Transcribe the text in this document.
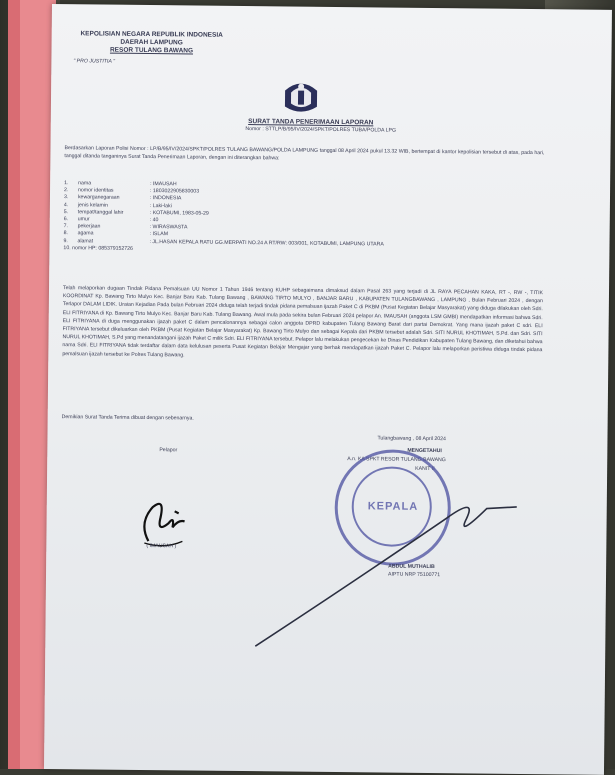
KEPOLISIAN NEGARA REPUBLIK INDONESIA
DAERAH LAMPUNG
RESOR TULANG BAWANG
" PRO JUSTITIA "
SURAT TANDA PENERIMAAN LAPORAN
Nomor : STTLP/B/95/IV/2024/SPKT/POLRES TUBA/POLDA LPG
Berdasarkan Laporan Polisi Nomor : LP/B/95/IV/2024/SPKT/POLRES TULANG BAWANG/POLDA LAMPUNG tanggal 08 April 2024 pukul 13.32 WIB, bertempat di kantor kepolisian tersebut di atas, pada hari, tanggal ditanda tanganinya Surat Tanda Penerimaan Laporan, dengan ini diterangkan bahwa:
1.	nama	: IMAUSAH
2.	nomor identitas	: 1803022905830003
3.	kewarganegaraan	: INDONESIA
4.	jenis kelamin	: Laki-laki
5.	tempat/tanggal lahir	: KOTABUMI, 1983-05-29
6.	umur	: 40
7.	pekerjaan	: WIRASWASTA
8.	agama	: ISLAM
9.	alamat	: JL.HASAN KEPALA RATU GG.MERPATI NO.24 A RT/RW: 003/001, KOTABUMI, LAMPUNG UTARA
10. nomor HP: 085379152726
Telah melaporkan dugaan Tindak Pidana Pemalsuan UU Nomor 1 Tahun 1946 tentang KUHP sebagaimana dimaksud dalam Pasal 263 yang terjadi di JL RAYA PECAHAN KAKA, RT -, RW -, TITIK KOORDINAT Kp. Bawang Tirto Mulyo Kec. Banjar Baru Kab. Tulang Bawang , BAWANG TIRTO MULYO , BANJAR BARU , KABUPATEN TULANGBAWANG , LAMPUNG , Bulan Februari 2024 , dengan Terlapor DALAM LIDIK. Uraian Kejadian Pada bulan Februari 2024 diduga telah terjadi tindak pidana pemalsuan ijazah Paket C di PKBM (Pusat Kegiatan Belajar Masyarakat) yang diduga dilakukan oleh Sdri. ELI FITRIYANA di Kp. Bawang Tirto Mulyo Kec. Banjar Baru Kab. Tulang Bawang. Awal mula pada sekira bulan Februari 2024 pelapor An. IMAUSAH (anggota LSM GMBI) mendapatkan informasi bahwa Sdri. ELI FITRIYANA di duga menggunakan ijazah paket C dalam pencalonannya sebagai calon anggota DPRD kabupaten Tulang Bawang Barat dari partai Demokrat. Yang mana ijazah paket C sdri. ELI FITRIYANA tersebut dikeluarkan oleh PKBM (Pusat Kegiatan Belajar Masyarakat) Kp. Bawang Tirto Mulyo dan sebagai Kepala dari PKBM tersebut adalah Sdri. SITI NURUL KHOTIMAH, S.Pd. dan Sdri. SITI NURUL KHOTIMAH, S.Pd yang menandatangani ijazah Paket C milik Sdri. ELI FITRIYANA tersebut. Pelapor lalu melakukan pengecekan ke Dinas Pendidikan Kabupaten Tulang Bawang, dan diketahui bahwa nama Sdri. ELI FITRIYANA tidak terdaftar dalam data kelulusan peserta Pusat Kegiatan Belajar Mengajar yang berhak mendapatkan ijazah Paket C. Pelapor lalu melaporkan peristiwa diduga tindak pidana pemalsuan ijazah tersebut ke Polres Tulang Bawang.
Demikian Surat Tanda Terima dibuat dengan sebenarnya.
Tulangbawang , 08 April 2024
Pelapor	MENGETAHUI
A.n. KA SPKT RESOR TULANG BAWANG
KANIT II
KEPALA
( IMAUSAH )
ABDUL MUTHALIB
AIPTU NRP 75100771
